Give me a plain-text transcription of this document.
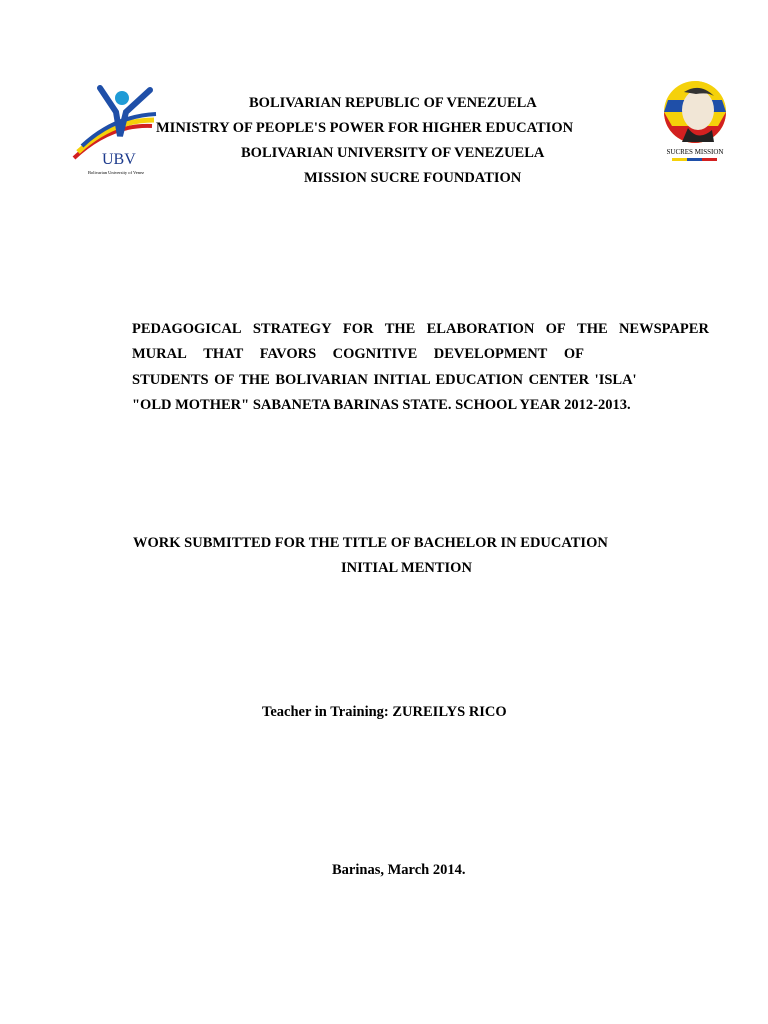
UBV
Bolivarian University of Venez
SUCRES MISSION
BOLIVARIAN REPUBLIC OF VENEZUELA
MINISTRY OF PEOPLE'S POWER FOR HIGHER EDUCATION
BOLIVARIAN UNIVERSITY OF VENEZUELA
MISSION SUCRE FOUNDATION
PEDAGOGICAL STRATEGY FOR THE ELABORATION OF THE NEWSPAPER
MURAL THAT FAVORS COGNITIVE DEVELOPMENT OF
STUDENTS OF THE BOLIVARIAN INITIAL EDUCATION CENTER 'ISLA'
"OLD MOTHER" SABANETA BARINAS STATE. SCHOOL YEAR 2012-2013.
WORK SUBMITTED FOR THE TITLE OF BACHELOR IN EDUCATION
INITIAL MENTION
Teacher in Training: ZUREILYS RICO
Barinas, March 2014.
